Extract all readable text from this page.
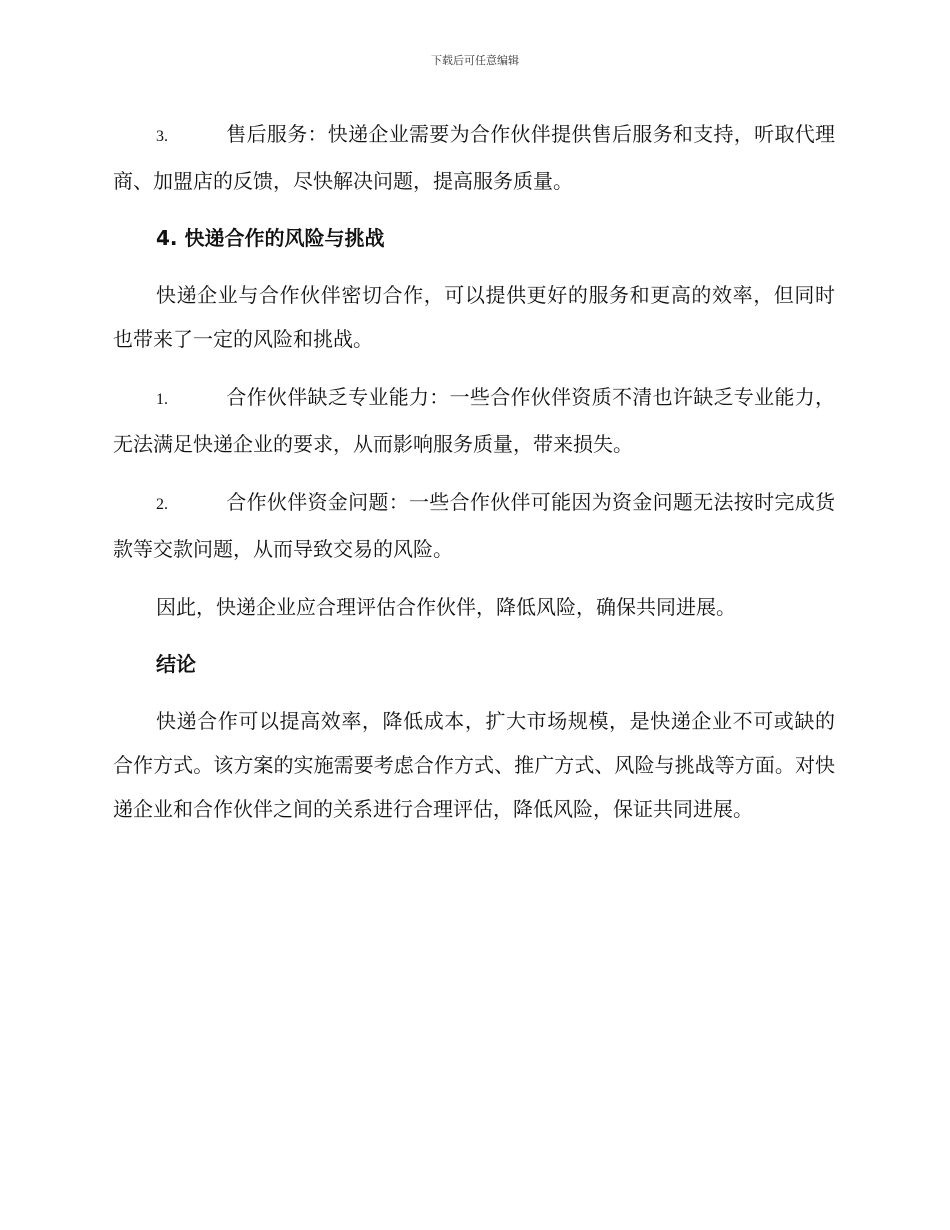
下载后可任意编辑

3.	售后服务：快递企业需要为合作伙伴提供售后服务和支持，听取代理商、加盟店的反馈，尽快解决问题，提高服务质量。

4. 快递合作的风险与挑战

快递企业与合作伙伴密切合作，可以提供更好的服务和更高的效率，但同时也带来了一定的风险和挑战。

1.	合作伙伴缺乏专业能力：一些合作伙伴资质不清也许缺乏专业能力，无法满足快递企业的要求，从而影响服务质量，带来损失。

2.	合作伙伴资金问题：一些合作伙伴可能因为资金问题无法按时完成货款等交款问题，从而导致交易的风险。

因此，快递企业应合理评估合作伙伴，降低风险，确保共同进展。

结论

快递合作可以提高效率，降低成本，扩大市场规模，是快递企业不可或缺的合作方式。该方案的实施需要考虑合作方式、推广方式、风险与挑战等方面。对快递企业和合作伙伴之间的关系进行合理评估，降低风险，保证共同进展。
